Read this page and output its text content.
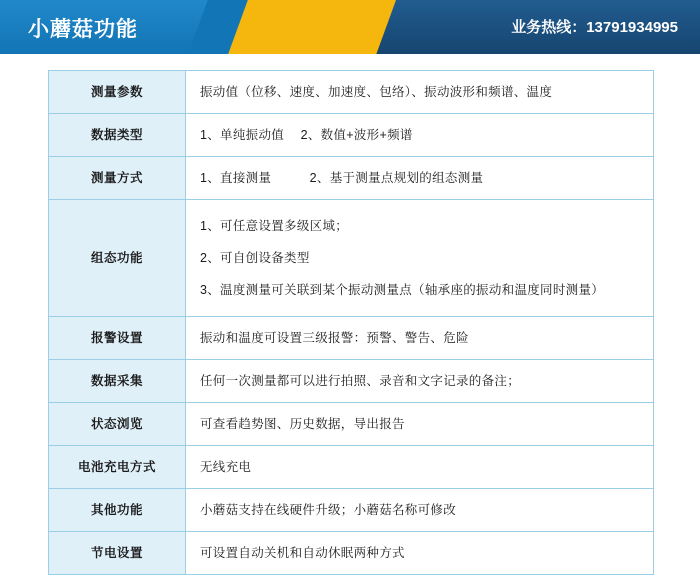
小蘑菇功能	业务热线：13791934995
测量参数	振动值（位移、速度、加速度、包络）、振动波形和频谱、温度
数据类型	1、单纯振动值　 2、数值+波形+频谱
测量方式	1、直接测量　　　2、基于测量点规划的组态测量
组态功能	1、可任意设置多级区域；
2、可自创设备类型
3、温度测量可关联到某个振动测量点（轴承座的振动和温度同时测量）

报警设置	振动和温度可设置三级报警：预警、警告、危险
数据采集	任何一次测量都可以进行拍照、录音和文字记录的备注；
状态浏览	可查看趋势图、历史数据，导出报告
电池充电方式	无线充电
其他功能	小蘑菇支持在线硬件升级；小蘑菇名称可修改
节电设置	可设置自动关机和自动休眠两种方式
